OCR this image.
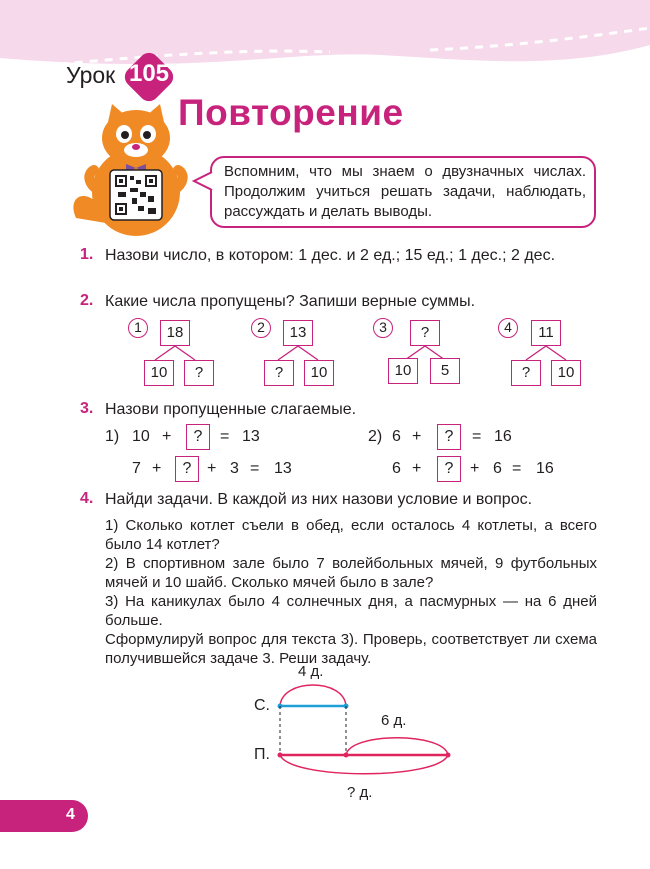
Урок 105
Повторение
Вспомним, что мы знаем о двузначных числах. Продолжим учиться решать задачи, наблюдать, рассуждать и делать выводы.
1. Назови число, в котором: 1 дес. и 2 ед.; 15 ед.; 1 дес.; 2 дес.
2. Какие числа пропущены? Запиши верные суммы.
1	18
10	?
2	13
?	10
3	?
10	5
4	11
?	10
3. Назови пропущенные слагаемые.
1) 10 +	?	= 13
7 +	? + 3 = 13
2) 6 +	?	= 16
6 +	?	+ 6 = 16
4. Найди задачи. В каждой из них назови условие и вопрос.
1) Сколько котлет съели в обед, если осталось 4 котлеты, а всего было 14 котлет?
2) В спортивном зале было 7 волейбольных мячей, 9 футбольных мячей и 10 шайб. Сколько мячей было в зале?
3) На каникулах было 4 солнечных дня, а пасмурных — на 6 дней больше.
Сформулируй вопрос для текста 3). Проверь, соответствует ли схема получившейся задаче 3. Реши задачу.
4 д.
6 д.
? д.
С.
П.
4
